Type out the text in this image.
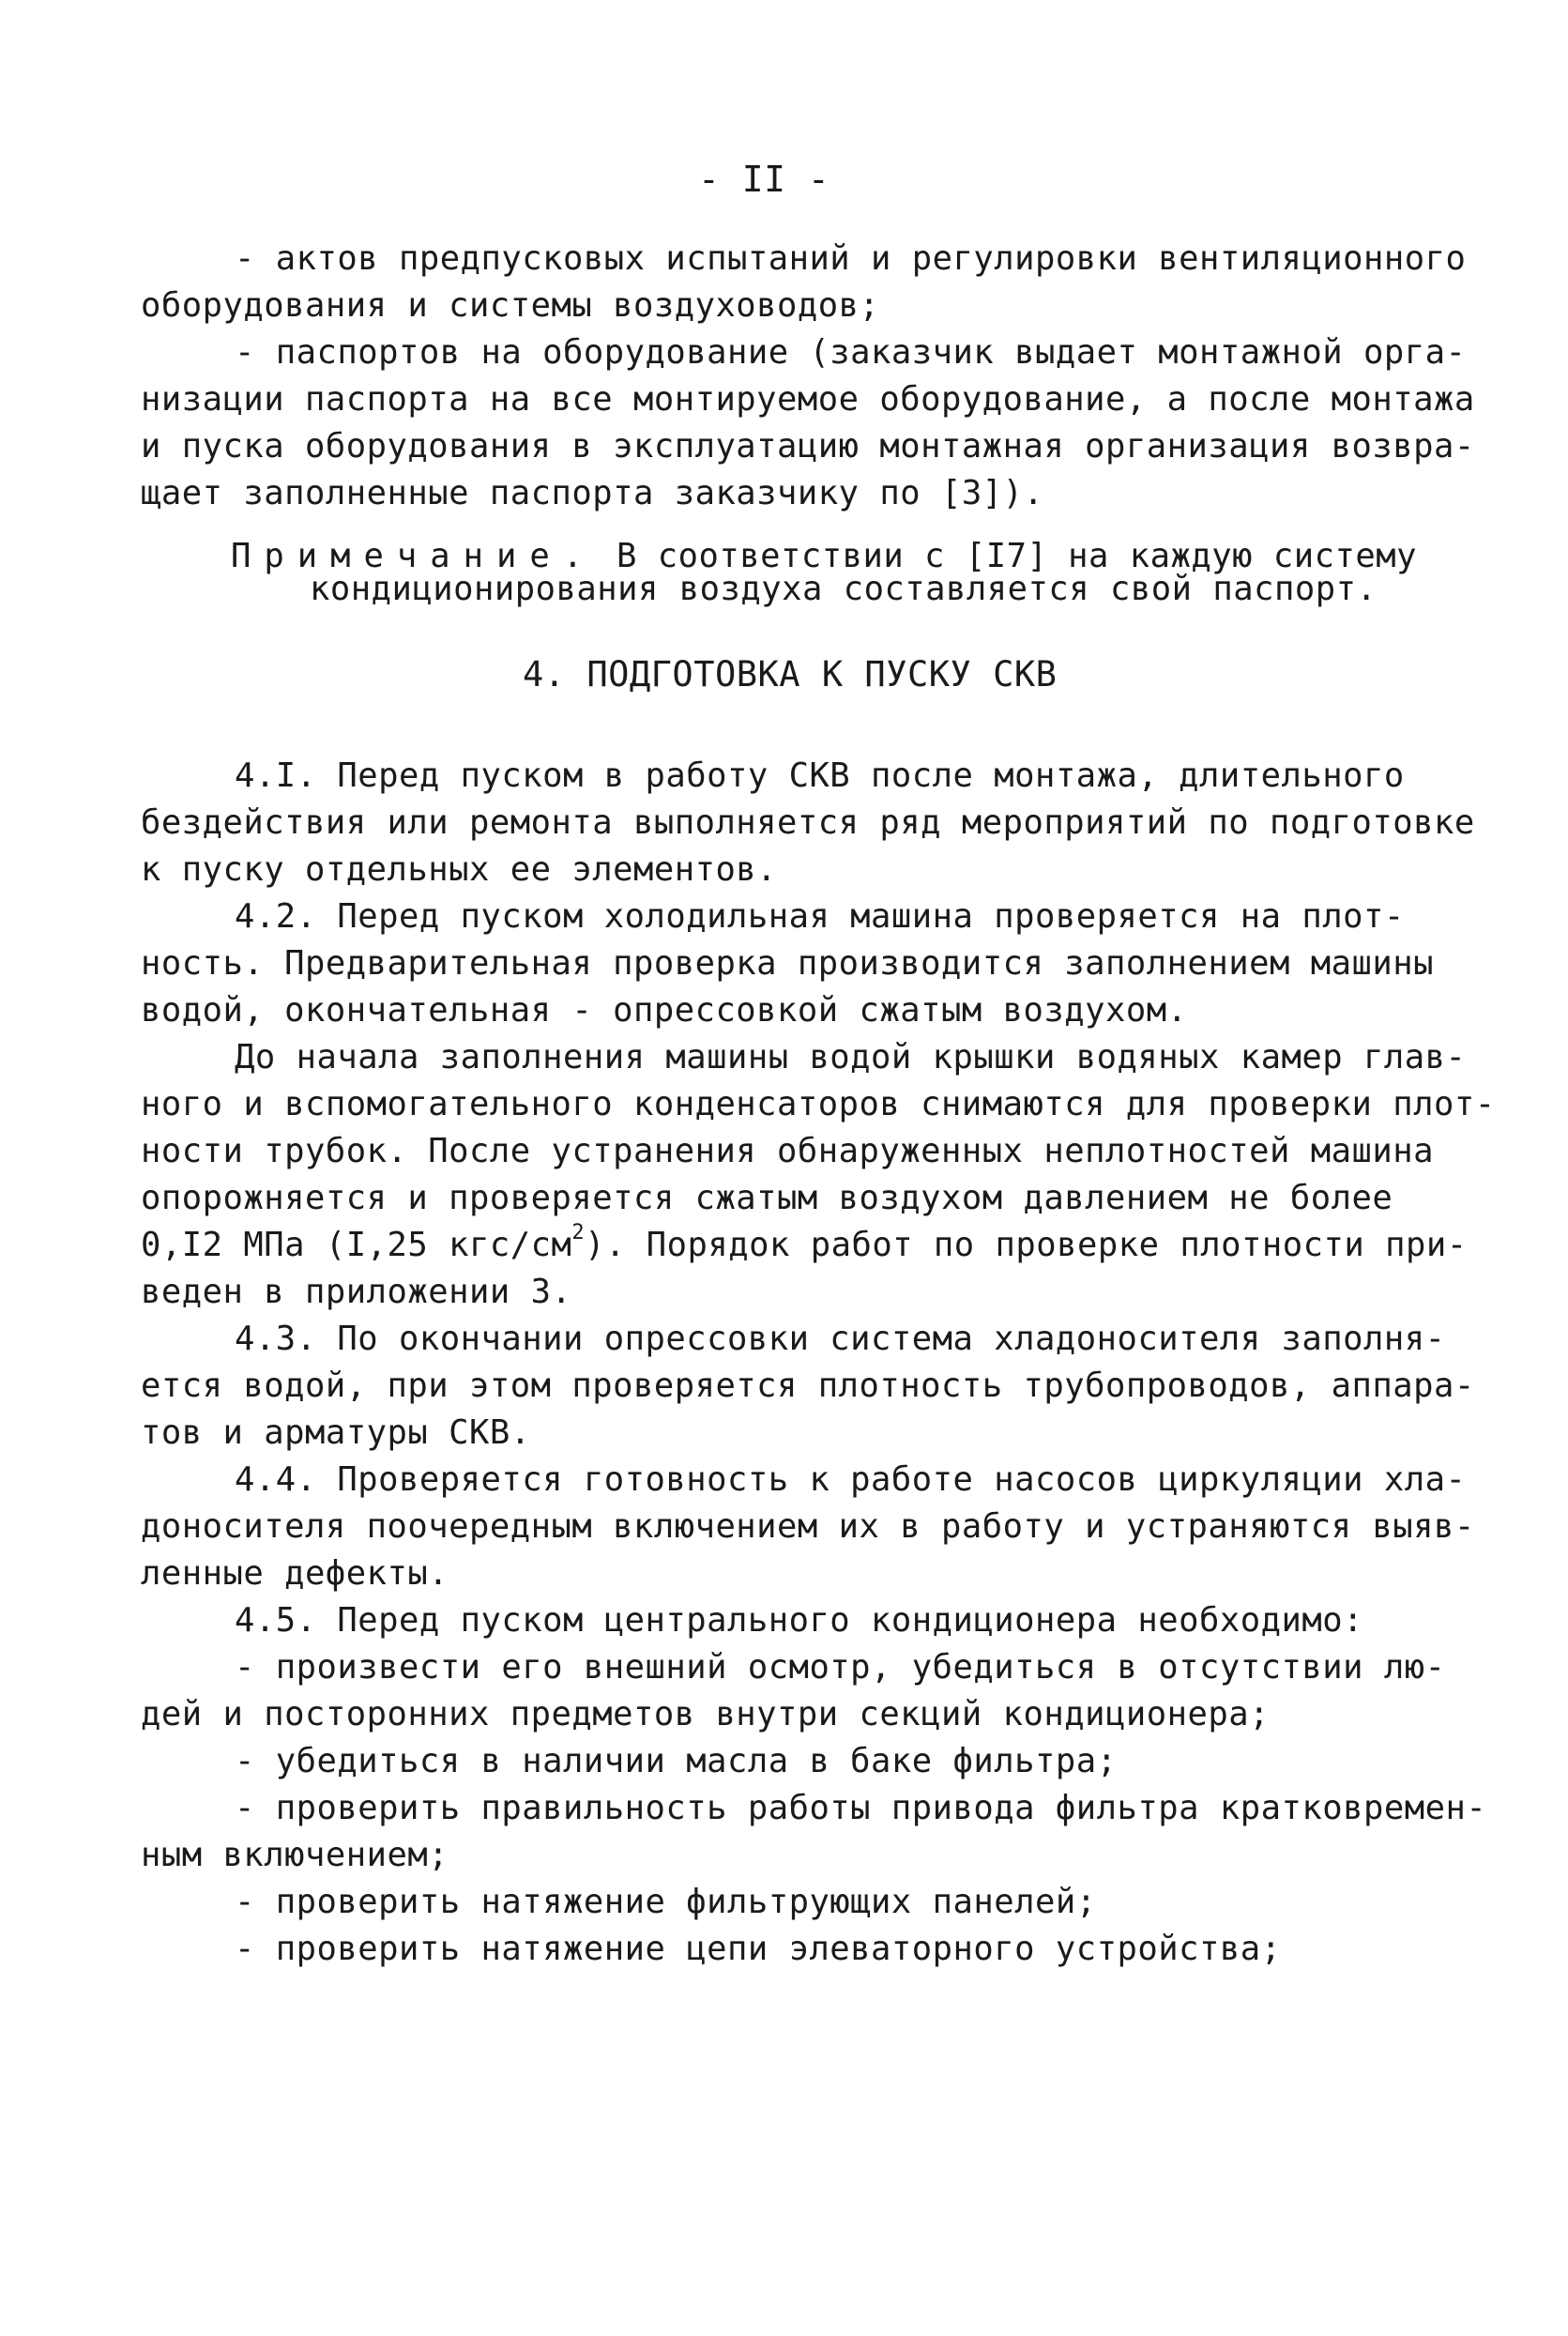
- II -
- актов предпусковых испытаний и регулировки вентиляционного
оборудования и системы воздуховодов;
- паспортов на оборудование (заказчик выдает монтажной орга-
низации паспорта на все монтируемое оборудование, а после монтажа
и пуска оборудования в эксплуатацию монтажная организация возвра-
щает заполненные паспорта заказчику по [3]).
Примечание. В соответствии с [I7] на каждую систему
кондиционирования воздуха составляется свой паспорт.
4. ПОДГОТОВКА К ПУСКУ СКВ
4.I. Перед пуском в работу СКВ после монтажа, длительного
бездействия или ремонта выполняется ряд мероприятий по подготовке
к пуску отдельных ее элементов.
4.2. Перед пуском холодильная машина проверяется на плот-
ность. Предварительная проверка производится заполнением машины
водой, окончательная - опрессовкой сжатым воздухом.
До начала заполнения машины водой крышки водяных камер глав-
ного и вспомогательного конденсаторов снимаются для проверки плот-
ности трубок. После устранения обнаруженных неплотностей машина
опорожняется и проверяется сжатым воздухом давлением не более
0,I2 МПа (I,25 кгс/$см^2$). Порядок работ по проверке плотности при-
веден в приложении 3.
4.3. По окончании опрессовки система хладоносителя заполня-
ется водой, при этом проверяется плотность трубопроводов, аппара-
тов и арматуры СКВ.
4.4. Проверяется готовность к работе насосов циркуляции хла-
доносителя поочередным включением их в работу и устраняются выяв-
ленные дефекты.
4.5. Перед пуском центрального кондиционера необходимо:
- произвести его внешний осмотр, убедиться в отсутствии лю-
дей и посторонних предметов внутри секций кондиционера;
- убедиться в наличии масла в баке фильтра;
- проверить правильность работы привода фильтра кратковремен-
ным включением;
- проверить натяжение фильтрующих панелей;
- проверить натяжение цепи элеваторного устройства;
